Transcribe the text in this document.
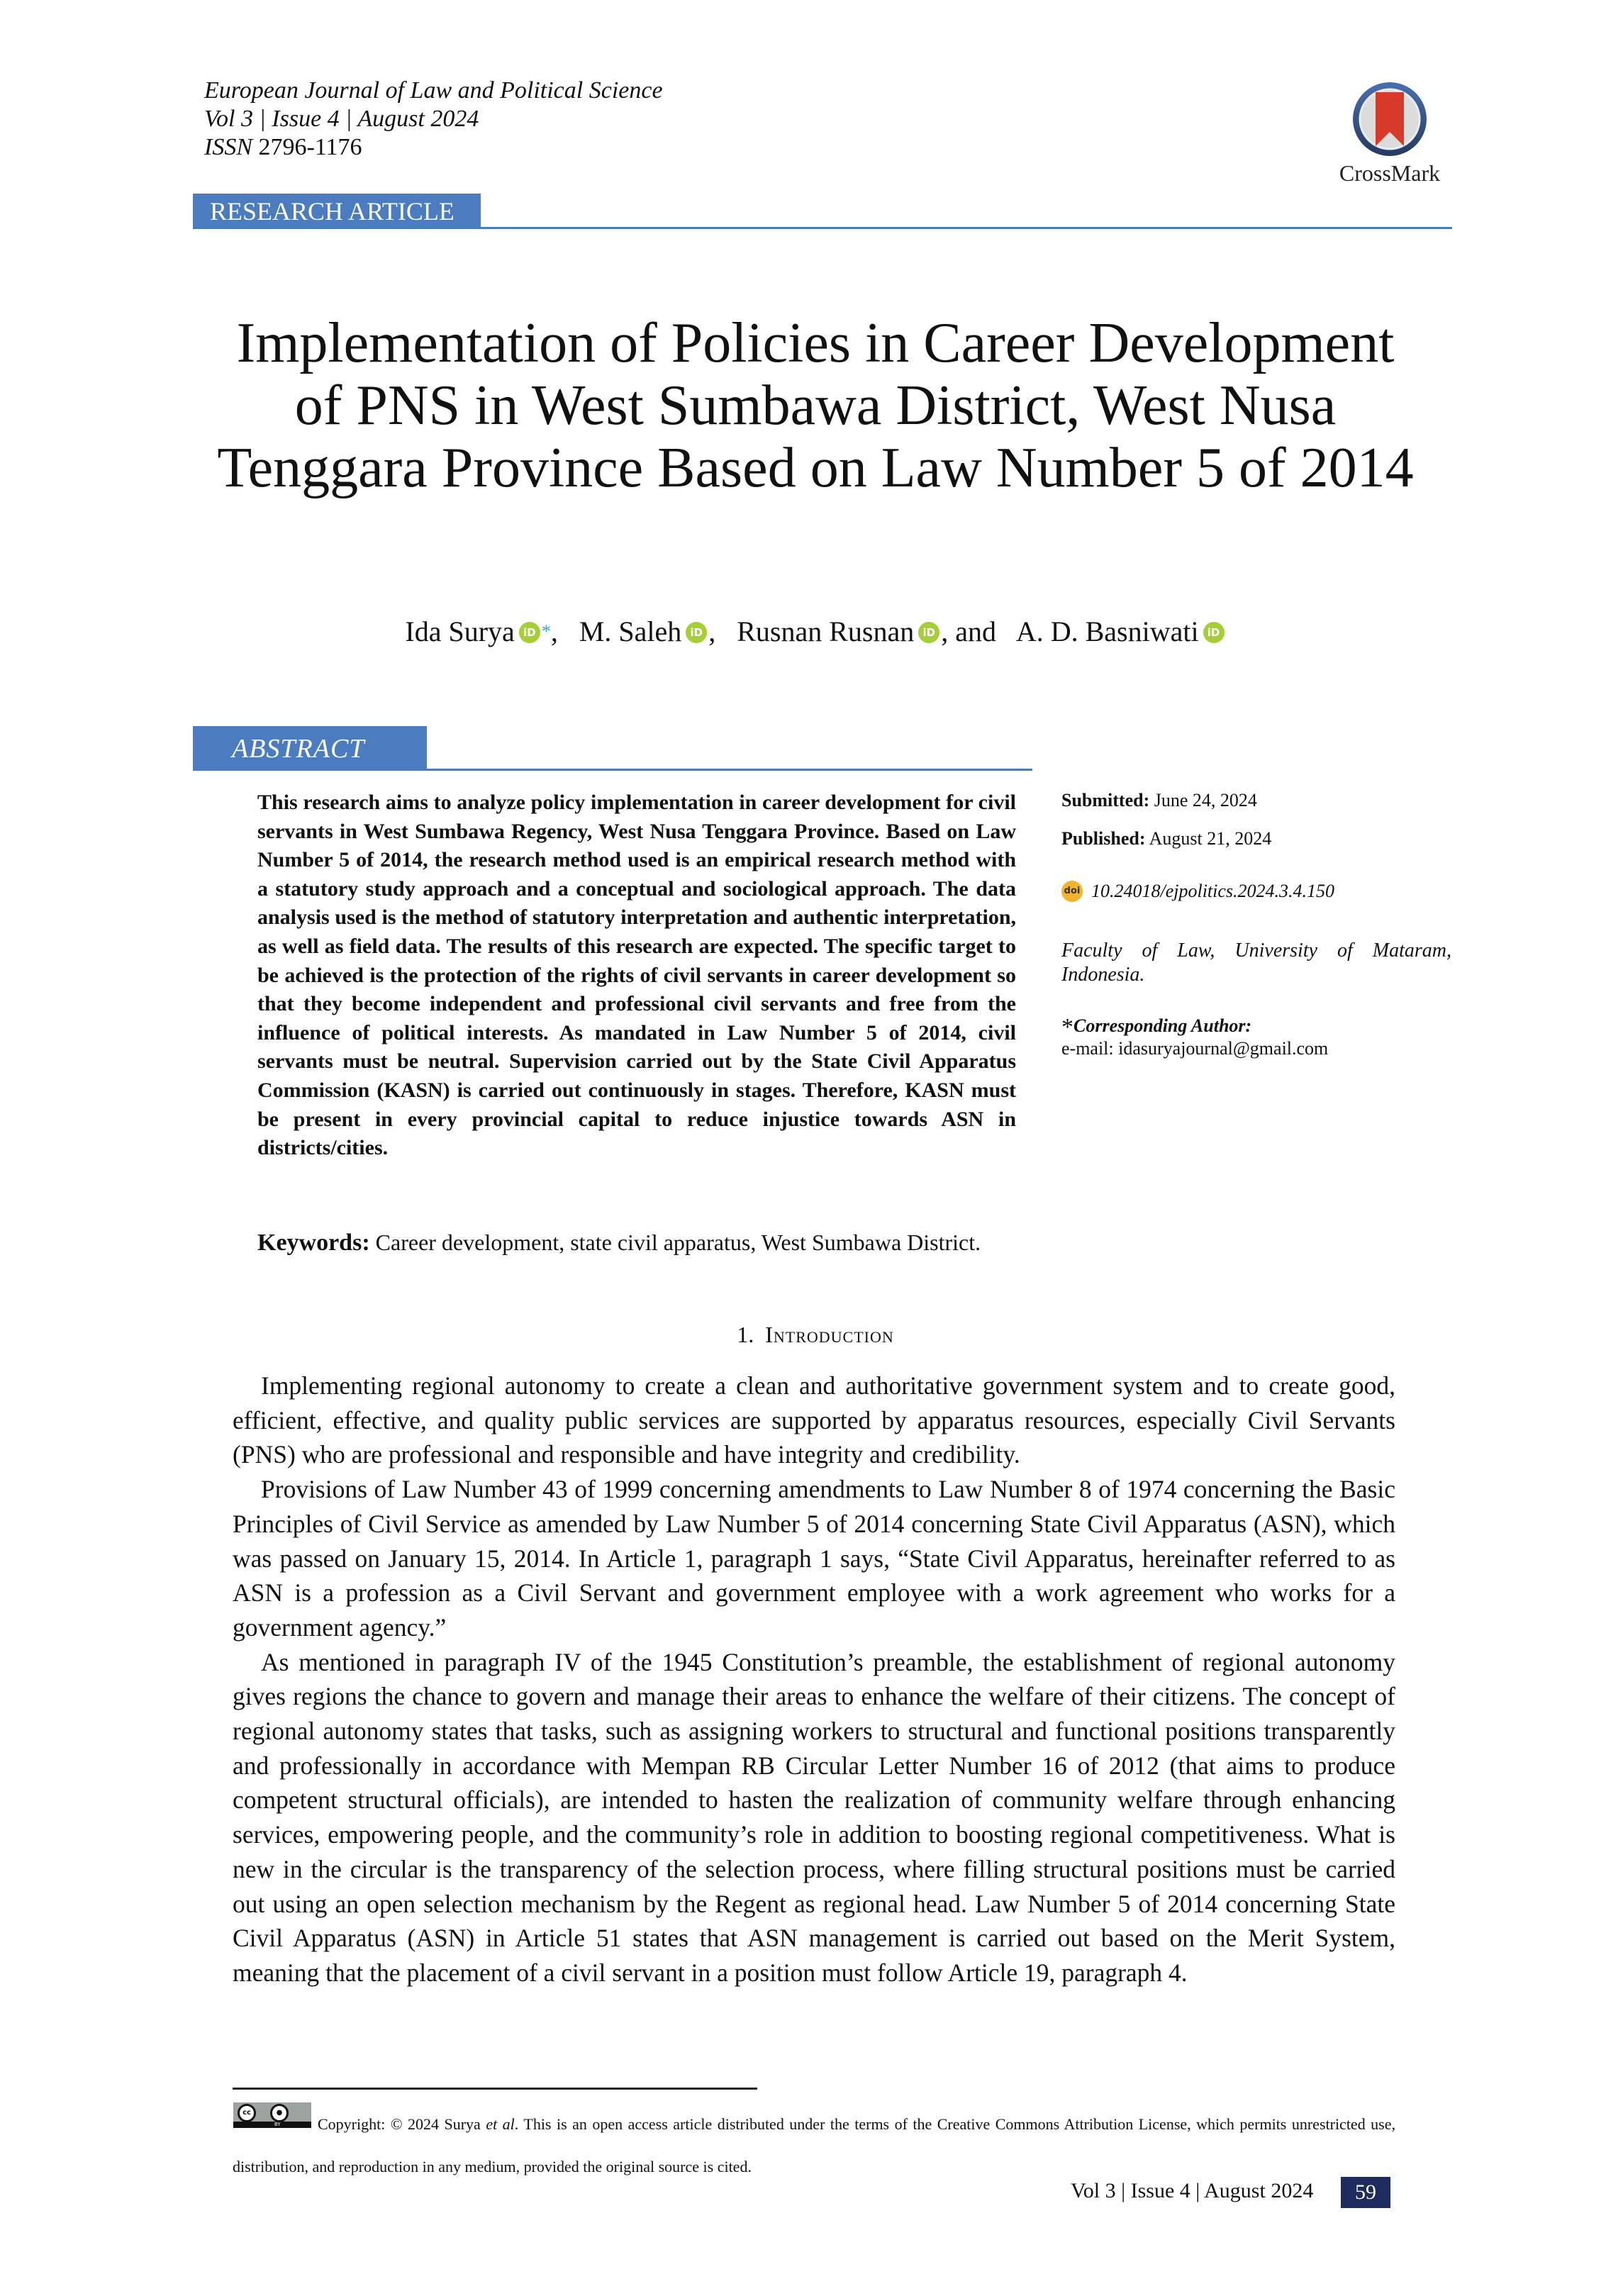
European Journal of Law and Political Science
Vol 3 | Issue 4 | August 2024
ISSN 2796-1176
CrossMark
RESEARCH ARTICLE
Implementation of Policies in Career Development of PNS in West Sumbawa District, West Nusa Tenggara Province Based on Law Number 5 of 2014
Ida Surya iD *, M. Saleh iD , Rusnan Rusnan iD , and A. D. Basniwati iD
ABSTRACT
This research aims to analyze policy implementation in career development for civil servants in West Sumbawa Regency, West Nusa Tenggara Province. Based on Law Number 5 of 2014, the research method used is an empirical research method with a statutory study approach and a conceptual and sociological approach. The data analysis used is the method of statutory interpretation and authentic interpretation, as well as field data. The results of this research are expected. The specific target to be achieved is the protection of the rights of civil servants in career development so that they become independent and professional civil servants and free from the influence of political interests. As mandated in Law Number 5 of 2014, civil servants must be neutral. Supervision carried out by the State Civil Apparatus Commission (KASN) is carried out continuously in stages. Therefore, KASN must be present in every provincial capital to reduce injustice towards ASN in districts/cities.
Keywords: Career development, state civil apparatus, West Sumbawa District.
Submitted: June 24, 2024
Published: August 21, 2024
doi 10.24018/ejpolitics.2024.3.4.150
Faculty of Law, University of Mataram, Indonesia.
*Corresponding Author:
e-mail: idasuryajournal@gmail.com
1. Introduction

Implementing regional autonomy to create a clean and authoritative government system and to create good, efficient, effective, and quality public services are supported by apparatus resources, especially Civil Servants (PNS) who are professional and responsible and have integrity and credibility.

Provisions of Law Number 43 of 1999 concerning amendments to Law Number 8 of 1974 concerning the Basic Principles of Civil Service as amended by Law Number 5 of 2014 concerning State Civil Apparatus (ASN), which was passed on January 15, 2014. In Article 1, paragraph 1 says, “State Civil Apparatus, hereinafter referred to as ASN is a profession as a Civil Servant and government employee with a work agreement who works for a government agency.”

As mentioned in paragraph IV of the 1945 Constitution’s preamble, the establishment of regional autonomy gives regions the chance to govern and manage their areas to enhance the welfare of their citizens. The concept of regional autonomy states that tasks, such as assigning workers to structural and functional positions transparently and professionally in accordance with Mempan RB Circular Letter Number 16 of 2012 (that aims to produce competent structural officials), are intended to hasten the realization of community welfare through enhancing services, empowering people, and the community’s role in addition to boosting regional competitiveness. What is new in the circular is the transparency of the selection process, where filling structural positions must be carried out using an open selection mechanism by the Regent as regional head. Law Number 5 of 2014 concerning State Civil Apparatus (ASN) in Article 51 states that ASN management is carried out based on the Merit System, meaning that the placement of a civil servant in a position must follow Article 19, paragraph 4.

cc	●
BY	Copyright: © 2024 Surya et al. This is an open access article distributed under the terms of the Creative Commons Attribution License, which permits unrestricted use, distribution, and reproduction in any medium, provided the original source is cited.
Vol 3 | Issue 4 | August 2024	59
